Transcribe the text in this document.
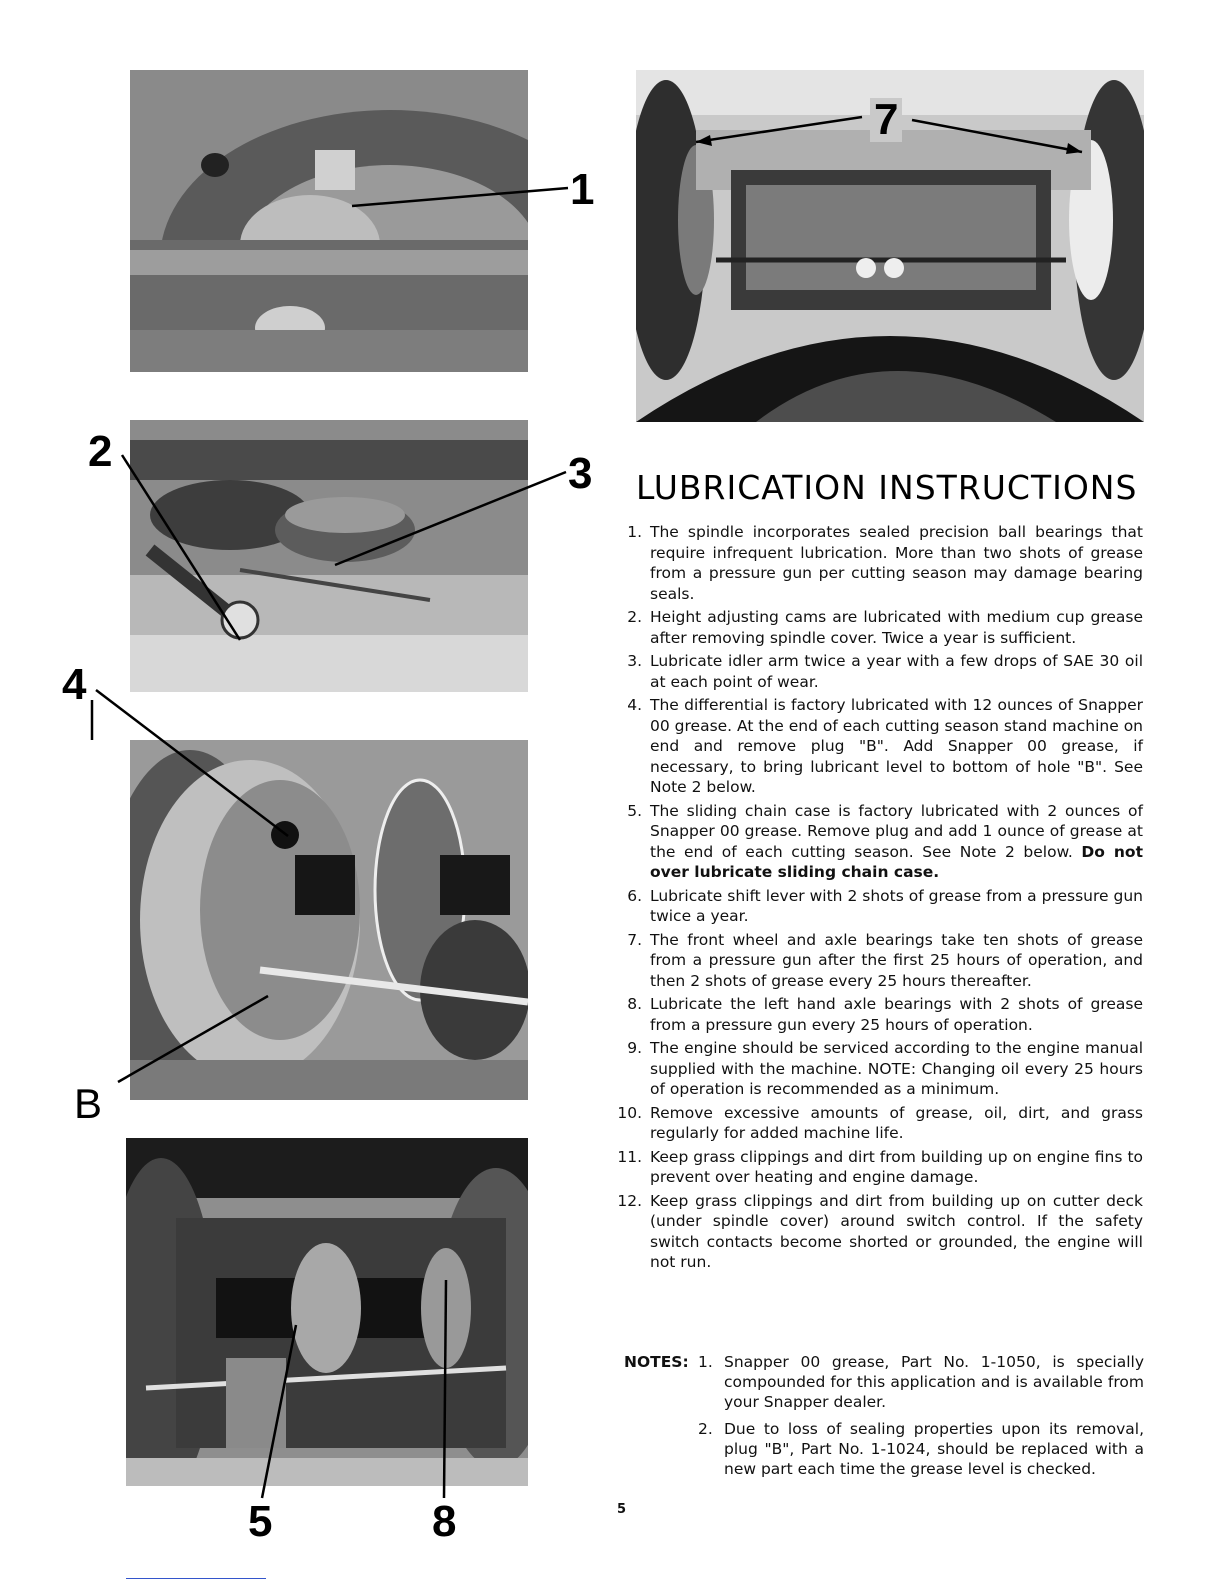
1
2	3
4
B
5	8
7
LUBRICATION INSTRUCTIONS
1. The spindle incorporates sealed precision ball bearings that require infrequent lubrication. More than two shots of grease from a pressure gun per cutting season may damage bearing seals.
2. Height adjusting cams are lubricated with medium cup grease after removing spindle cover. Twice a year is sufficient.
3. Lubricate idler arm twice a year with a few drops of SAE 30 oil at each point of wear.
4. The differential is factory lubricated with 12 ounces of Snapper 00 grease. At the end of each cutting season stand machine on end and remove plug "B". Add Snapper 00 grease, if necessary, to bring lubricant level to bottom of hole "B". See Note 2 below.
5. The sliding chain case is factory lubricated with 2 ounces of Snapper 00 grease. Remove plug and add 1 ounce of grease at the end of each cutting season. See Note 2 below. Do not over lubricate sliding chain case.
6. Lubricate shift lever with 2 shots of grease from a pressure gun twice a year.
7. The front wheel and axle bearings take ten shots of grease from a pressure gun after the first 25 hours of operation, and then 2 shots of grease every 25 hours thereafter.
8. Lubricate the left hand axle bearings with 2 shots of grease from a pressure gun every 25 hours of operation.
9. The engine should be serviced according to the engine manual supplied with the machine. NOTE: Changing oil every 25 hours of operation is recommended as a minimum.
10. Remove excessive amounts of grease, oil, dirt, and grass regularly for added machine life.
11. Keep grass clippings and dirt from building up on engine fins to prevent over heating and engine damage.
12. Keep grass clippings and dirt from building up on cutter deck (under spindle cover) around switch control. If the safety switch contacts become shorted or grounded, the engine will not run.
NOTES: 1. Snapper 00 grease, Part No. 1-1050, is specially compounded for this application and is available from your Snapper dealer.
2. Due to loss of sealing properties upon its removal, plug "B", Part No. 1-1024, should be replaced with a new part each time the grease level is checked.
5
